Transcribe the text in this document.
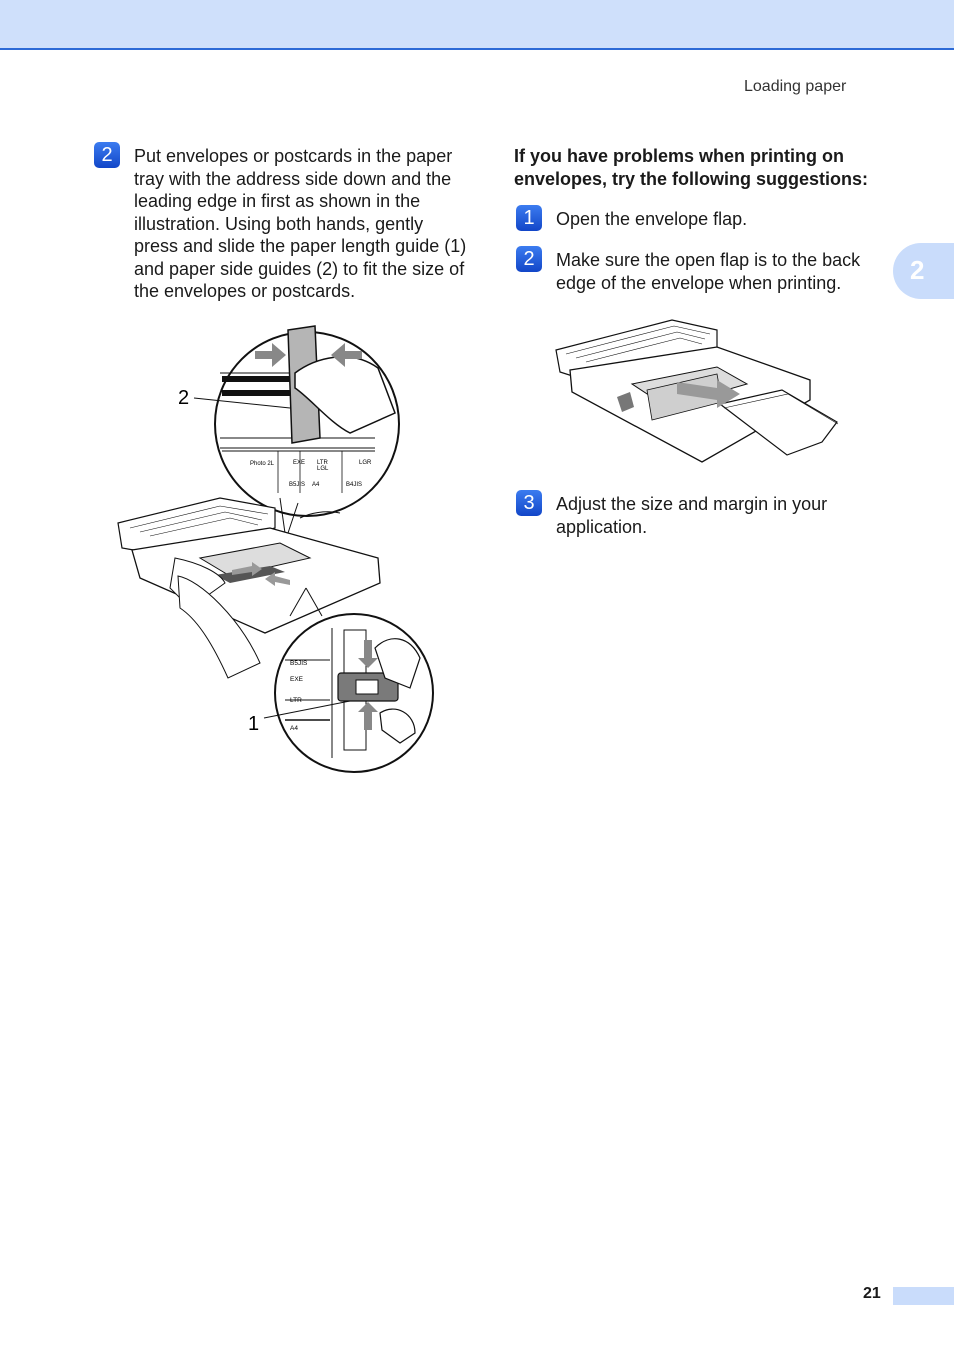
Loading paper
2
2	Put envelopes or postcards in the paper tray with the address side down and the leading edge in first as shown in the illustration. Using both hands, gently press and slide the paper length guide (1) and paper side guides (2) to fit the size of the envelopes or postcards.
Photo 2L	EXE LTR
LGL
LGR
B5JIS A4	B4JIS
2
B5JIS
EXE
LTR
A4
1
If you have problems when printing on envelopes, try the following suggestions:
1	Open the envelope flap.
2	Make sure the open flap is to the back edge of the envelope when printing.
3	Adjust the size and margin in your application.
21
